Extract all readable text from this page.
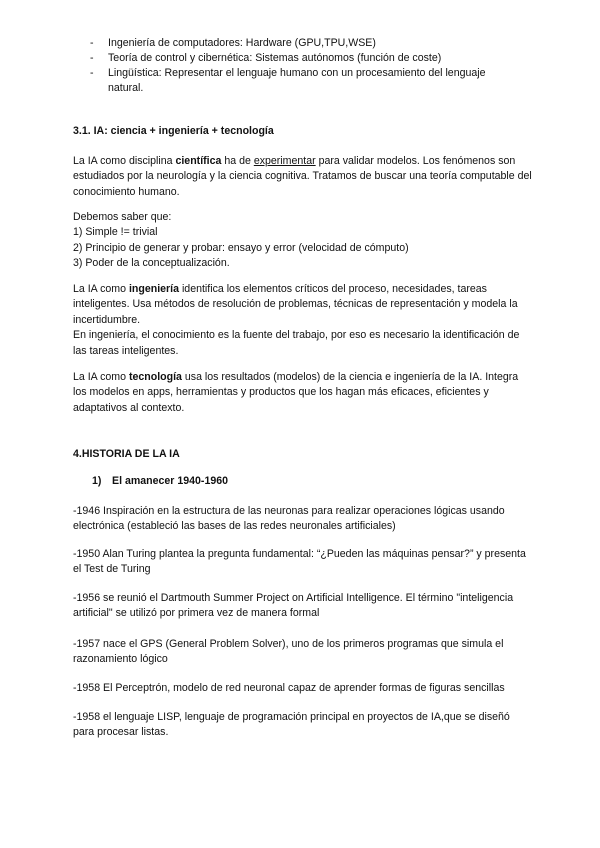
-	Ingeniería de computadores: Hardware (GPU,TPU,WSE)
-	Teoría de control y cibernética: Sistemas autónomos (función de coste)
-	Lingüística: Representar el lenguaje humano con un procesamiento del lenguaje natural.
3.1. IA: ciencia + ingeniería + tecnología

La IA como disciplina científica ha de experimentar para validar modelos. Los fenómenos son estudiados por la neurología y la ciencia cognitiva. Tratamos de buscar una teoría computable del conocimiento humano.

Debemos saber que:

1) Simple != trivial

2) Principio de generar y probar: ensayo y error (velocidad de cómputo)

3) Poder de la conceptualización.

La IA como ingeniería identifica los elementos críticos del proceso, necesidades, tareas inteligentes. Usa métodos de resolución de problemas, técnicas de representación y modela la incertidumbre.

En ingeniería, el conocimiento es la fuente del trabajo, por eso es necesario la identificación de las tareas inteligentes.

La IA como tecnología usa los resultados (modelos) de la ciencia e ingeniería de la IA. Integra los modelos en apps, herramientas y productos que los hagan más eficaces, eficientes y adaptativos al contexto.

4.HISTORIA DE LA IA
1) El amanecer 1940-1960

-1946 Inspiración en la estructura de las neuronas para realizar operaciones lógicas usando electrónica (estableció las bases de las redes neuronales artificiales)

-1950 Alan Turing plantea la pregunta fundamental: “¿Pueden las máquinas pensar?” y presenta el Test de Turing

-1956 se reunió el Dartmouth Summer Project on Artificial Intelligence. El término "inteligencia artificial" se utilizó por primera vez de manera formal

-1957 nace el GPS (General Problem Solver), uno de los primeros programas que simula el razonamiento lógico

-1958 El Perceptrón, modelo de red neuronal capaz de aprender formas de figuras sencillas

-1958 el lenguaje LISP, lenguaje de programación principal en proyectos de IA,que se diseñó para procesar listas.
